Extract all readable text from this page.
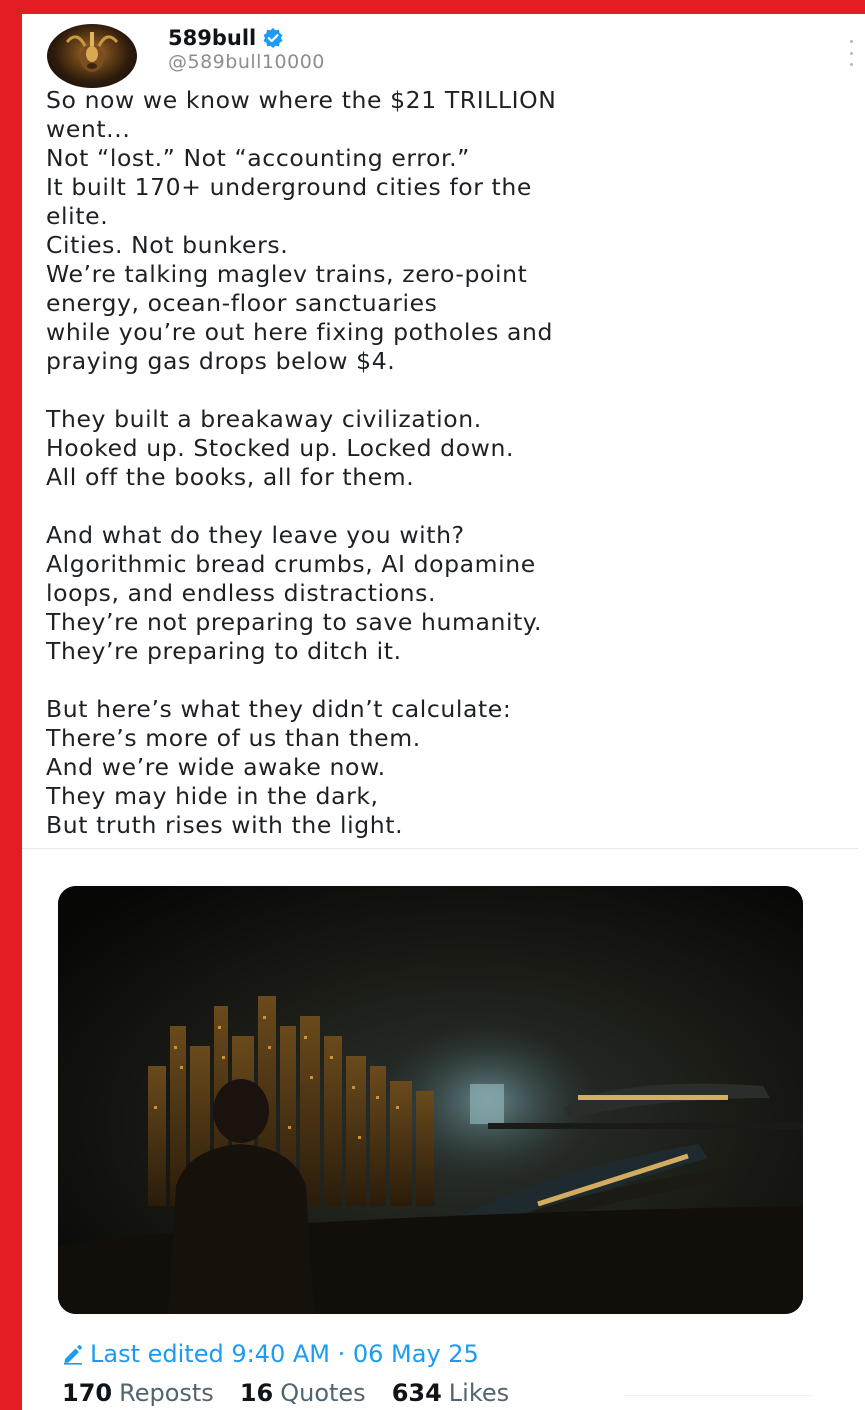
589bull
@589bull10000
So now we know where the $21 TRILLION
went...
Not “lost.” Not “accounting error.”
It built 170+ underground cities for the
elite.
Cities. Not bunkers.
We’re talking maglev trains, zero-point
energy, ocean-floor sanctuaries
while you’re out here fixing potholes and
praying gas drops below $4.
They built a breakaway civilization.
Hooked up. Stocked up. Locked down.
All off the books, all for them.
And what do they leave you with?
Algorithmic bread crumbs, AI dopamine
loops, and endless distractions.
They’re not preparing to save humanity.
They’re preparing to ditch it.
But here’s what they didn’t calculate:
There’s more of us than them.
And we’re wide awake now.
They may hide in the dark,
But truth rises with the light.
Last edited 9:40 AM · 06 May 25
170 Reposts 16 Quotes 634 Likes
